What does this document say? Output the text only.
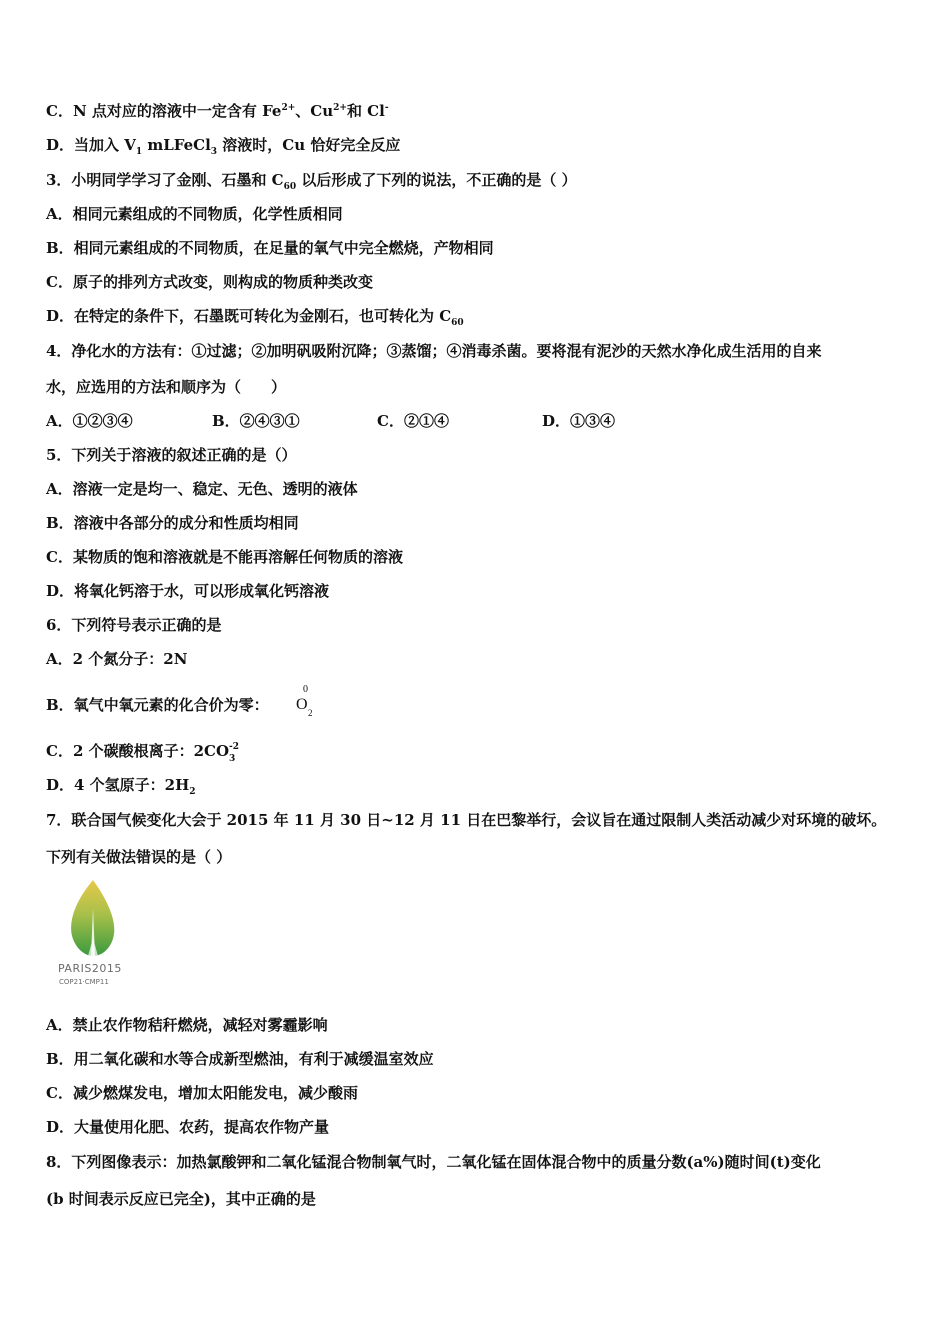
C．N 点对应的溶液中一定含有 $Fe^{2+}$、$Cu^{2+}$和 Cl-
D．当加入 $V_1$ mLFeCl$_3$ 溶液时，Cu 恰好完全反应
3．小明同学学习了金刚、石墨和 $C_{60}$ 以后形成了下列的说法，不正确的是（ ）
A．相同元素组成的不同物质，化学性质相同
B．相同元素组成的不同物质，在足量的氧气中完全燃烧，产物相同
C．原子的排列方式改变，则构成的物质种类改变
D．在特定的条件下，石墨既可转化为金刚石，也可转化为 $C_{60}$
4．净化水的方法有：①过滤；②加明矾吸附沉降；③蒸馏；④消毒杀菌。要将混有泥沙的天然水净化成生活用的自来
水，应选用的方法和顺序为（　　）
A．①②③④	B．②④③①	C．②①④	D．①③④
5．下列关于溶液的叙述正确的是（）
A．溶液一定是均一、稳定、无色、透明的液体
B．溶液中各部分的成分和性质均相同
C．某物质的饱和溶液就是不能再溶解任何物质的溶液
D．将氧化钙溶于水，可以形成氧化钙溶液
6．下列符号表示正确的是
A．2 个氮分子：2N
B．氧气中氧元素的化合价为零：
0
O 2
C．2 个碳酸根离子：2CO 3
-2
D．4 个氢原子：$2H_2$
7．联合国气候变化大会于 2015 年 11 月 30 日~12 月 11 日在巴黎举行，会议旨在通过限制人类活动减少对环境的破坏。
下列有关做法错误的是（ ）
PARIS2015
COP21·CMP11
A．禁止农作物秸秆燃烧，减轻对雾霾影响
B．用二氧化碳和水等合成新型燃油，有利于减缓温室效应
C．减少燃煤发电，增加太阳能发电，减少酸雨
D．大量使用化肥、农药，提高农作物产量
8．下列图像表示：加热氯酸钾和二氧化锰混合物制氧气时，二氧化锰在固体混合物中的质量分数(a%)随时间(t)变化
(b 时间表示反应已完全)，其中正确的是
